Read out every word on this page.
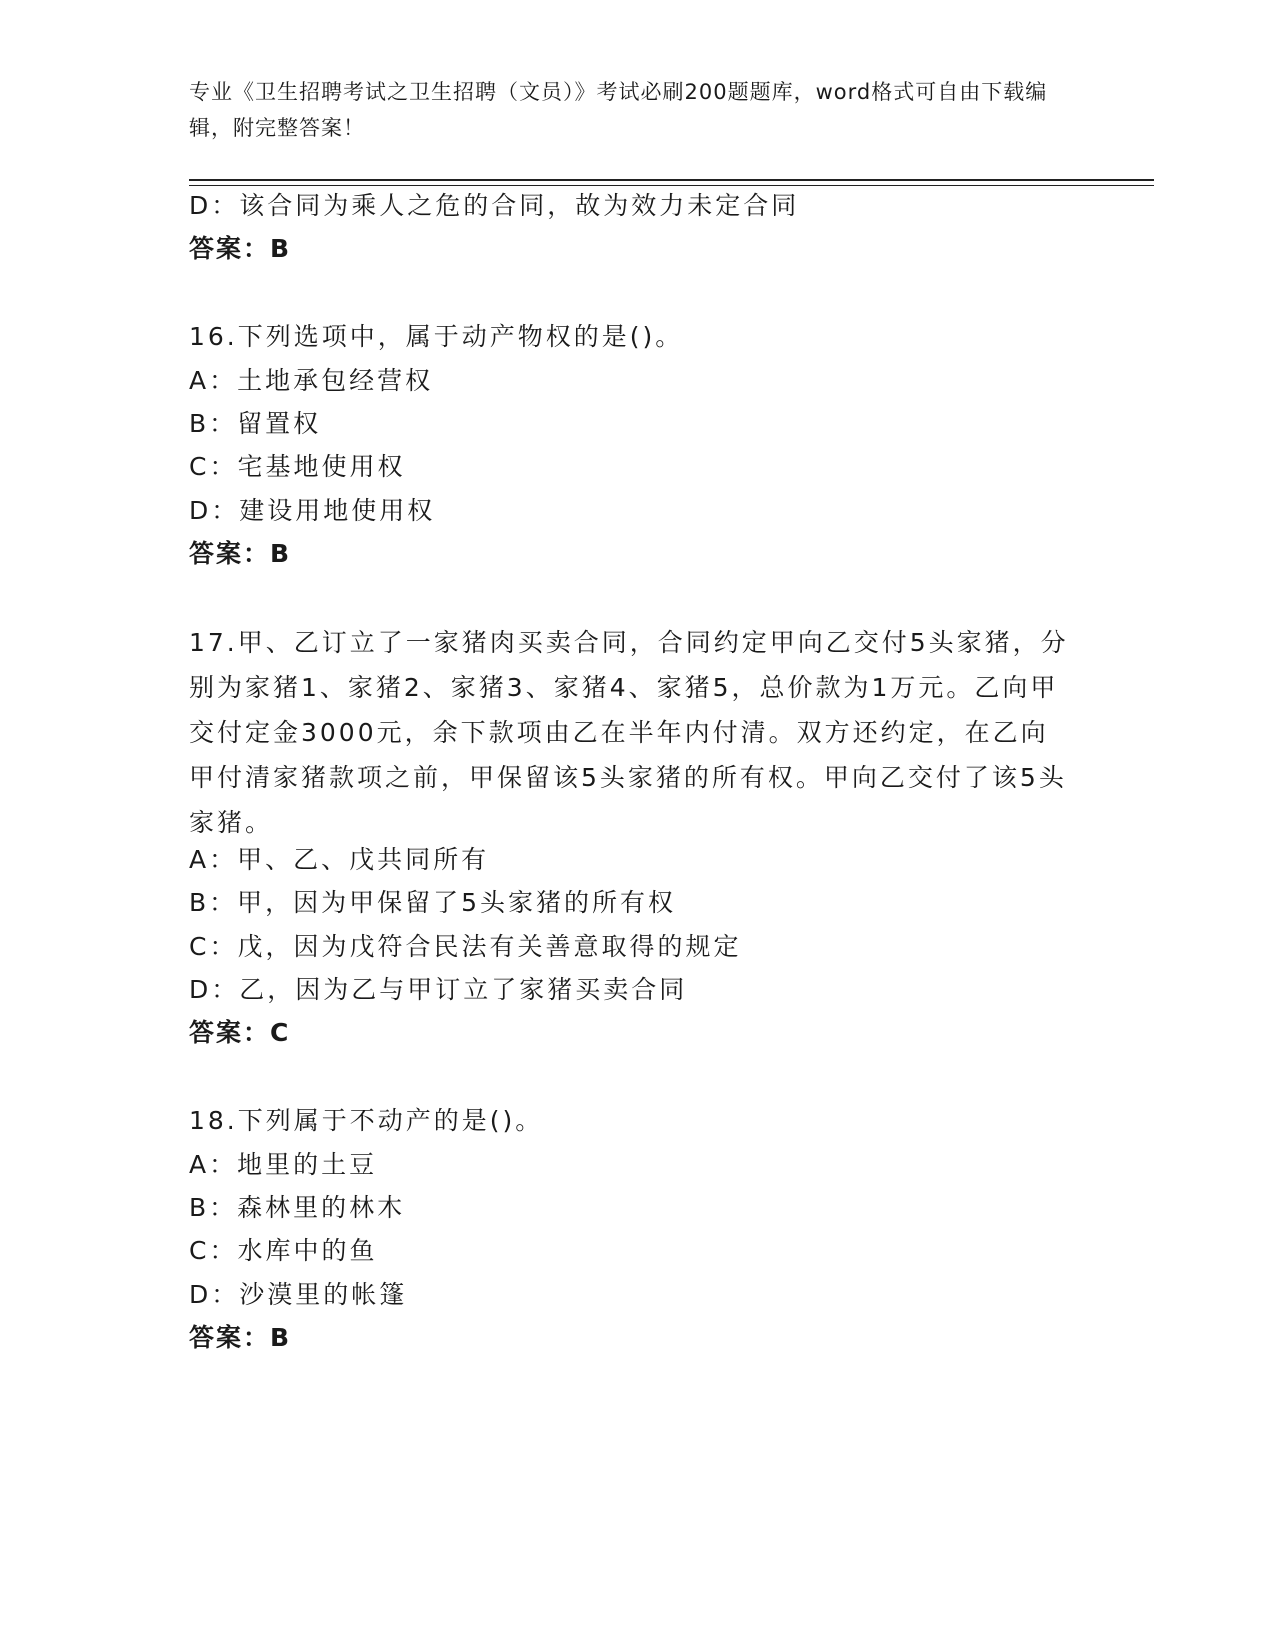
专业《卫生招聘考试之卫生招聘（文员）》考试必刷200题题库，word格式可自由下载编辑，附完整答案！
D：该合同为乘人之危的合同，故为效力未定合同
答案：B
16.下列选项中，属于动产物权的是()。
A：土地承包经营权
B：留置权
C：宅基地使用权
D：建设用地使用权
答案：B
17.甲、乙订立了一家猪肉买卖合同，合同约定甲向乙交付5头家猪，分别为家猪1、家猪2、家猪3、家猪4、家猪5，总价款为1万元。乙向甲交付定金3000元，余下款项由乙在半年内付清。双方还约定，在乙向甲付清家猪款项之前，甲保留该5头家猪的所有权。甲向乙交付了该5头家猪。
A：甲、乙、戊共同所有
B：甲，因为甲保留了5头家猪的所有权
C：戊，因为戊符合民法有关善意取得的规定
D：乙，因为乙与甲订立了家猪买卖合同
答案：C
18.下列属于不动产的是()。
A：地里的土豆
B：森林里的林木
C：水库中的鱼
D：沙漠里的帐篷
答案：B
